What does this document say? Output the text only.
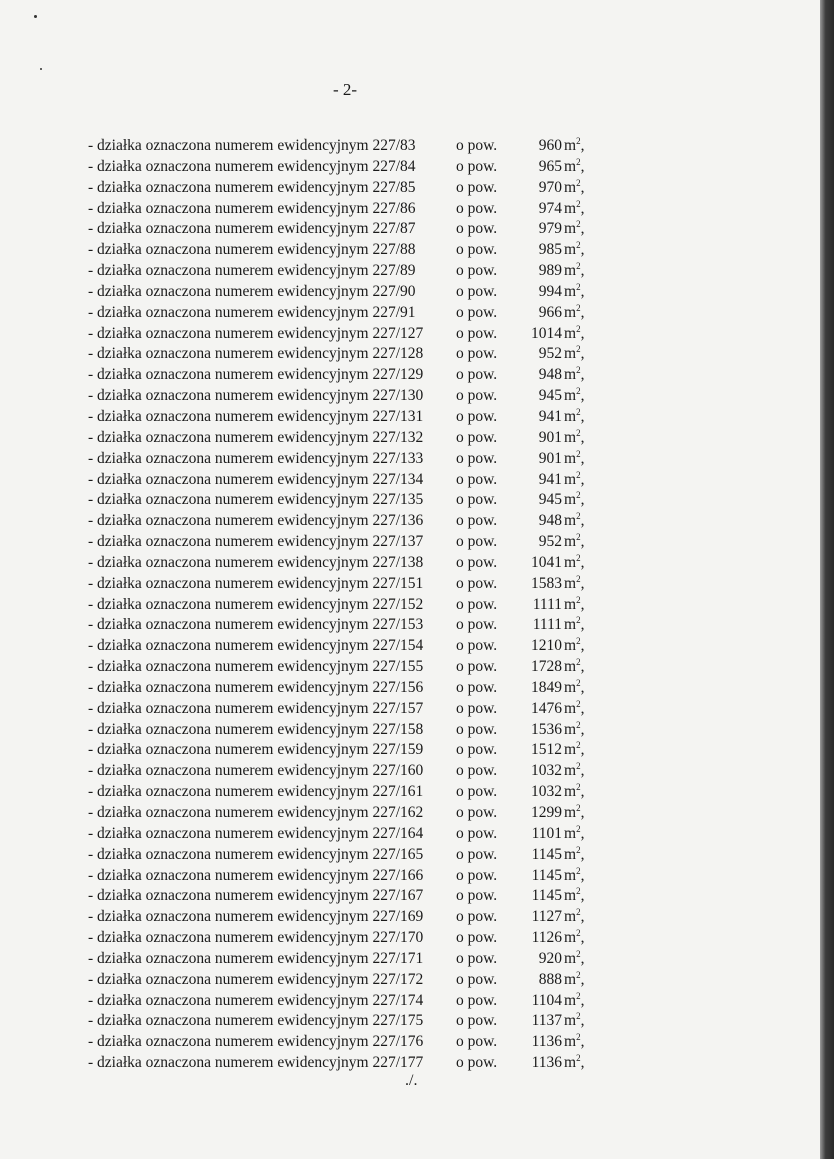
- 2-
- działka oznaczona numerem ewidencyjnym 227/83	o pow.	960 $m^2$,
- działka oznaczona numerem ewidencyjnym 227/84	o pow.	965 $m^2$,
- działka oznaczona numerem ewidencyjnym 227/85	o pow.	970 $m^2$,
- działka oznaczona numerem ewidencyjnym 227/86	o pow.	974 $m^2$,
- działka oznaczona numerem ewidencyjnym 227/87	o pow.	979 $m^2$,
- działka oznaczona numerem ewidencyjnym 227/88	o pow.	985 $m^2$,
- działka oznaczona numerem ewidencyjnym 227/89	o pow.	989 $m^2$,
- działka oznaczona numerem ewidencyjnym 227/90	o pow.	994 $m^2$,
- działka oznaczona numerem ewidencyjnym 227/91	o pow.	966 $m^2$,
- działka oznaczona numerem ewidencyjnym 227/127	o pow.	1014 $m^2$,
- działka oznaczona numerem ewidencyjnym 227/128	o pow.	952 $m^2$,
- działka oznaczona numerem ewidencyjnym 227/129	o pow.	948 $m^2$,
- działka oznaczona numerem ewidencyjnym 227/130	o pow.	945 $m^2$,
- działka oznaczona numerem ewidencyjnym 227/131	o pow.	941 $m^2$,
- działka oznaczona numerem ewidencyjnym 227/132	o pow.	901 $m^2$,
- działka oznaczona numerem ewidencyjnym 227/133	o pow.	901 $m^2$,
- działka oznaczona numerem ewidencyjnym 227/134	o pow.	941 $m^2$,
- działka oznaczona numerem ewidencyjnym 227/135	o pow.	945 $m^2$,
- działka oznaczona numerem ewidencyjnym 227/136	o pow.	948 $m^2$,
- działka oznaczona numerem ewidencyjnym 227/137	o pow.	952 $m^2$,
- działka oznaczona numerem ewidencyjnym 227/138	o pow.	1041 $m^2$,
- działka oznaczona numerem ewidencyjnym 227/151	o pow.	1583 $m^2$,
- działka oznaczona numerem ewidencyjnym 227/152	o pow.	1111 $m^2$,
- działka oznaczona numerem ewidencyjnym 227/153	o pow.	1111 $m^2$,
- działka oznaczona numerem ewidencyjnym 227/154	o pow.	1210 $m^2$,
- działka oznaczona numerem ewidencyjnym 227/155	o pow.	1728 $m^2$,
- działka oznaczona numerem ewidencyjnym 227/156	o pow.	1849 $m^2$,
- działka oznaczona numerem ewidencyjnym 227/157	o pow.	1476 $m^2$,
- działka oznaczona numerem ewidencyjnym 227/158	o pow.	1536 $m^2$,
- działka oznaczona numerem ewidencyjnym 227/159	o pow.	1512 $m^2$,
- działka oznaczona numerem ewidencyjnym 227/160	o pow.	1032 $m^2$,
- działka oznaczona numerem ewidencyjnym 227/161	o pow.	1032 $m^2$,
- działka oznaczona numerem ewidencyjnym 227/162	o pow.	1299 $m^2$,
- działka oznaczona numerem ewidencyjnym 227/164	o pow.	1101 $m^2$,
- działka oznaczona numerem ewidencyjnym 227/165	o pow.	1145 $m^2$,
- działka oznaczona numerem ewidencyjnym 227/166	o pow.	1145 $m^2$,
- działka oznaczona numerem ewidencyjnym 227/167	o pow.	1145 $m^2$,
- działka oznaczona numerem ewidencyjnym 227/169	o pow.	1127 $m^2$,
- działka oznaczona numerem ewidencyjnym 227/170	o pow.	1126 $m^2$,
- działka oznaczona numerem ewidencyjnym 227/171	o pow.	920 $m^2$,
- działka oznaczona numerem ewidencyjnym 227/172	o pow.	888 $m^2$,
- działka oznaczona numerem ewidencyjnym 227/174	o pow.	1104 $m^2$,
- działka oznaczona numerem ewidencyjnym 227/175	o pow.	1137 $m^2$,
- działka oznaczona numerem ewidencyjnym 227/176	o pow.	1136 $m^2$,
- działka oznaczona numerem ewidencyjnym 227/177	o pow.	1136 $m^2$,
./.
